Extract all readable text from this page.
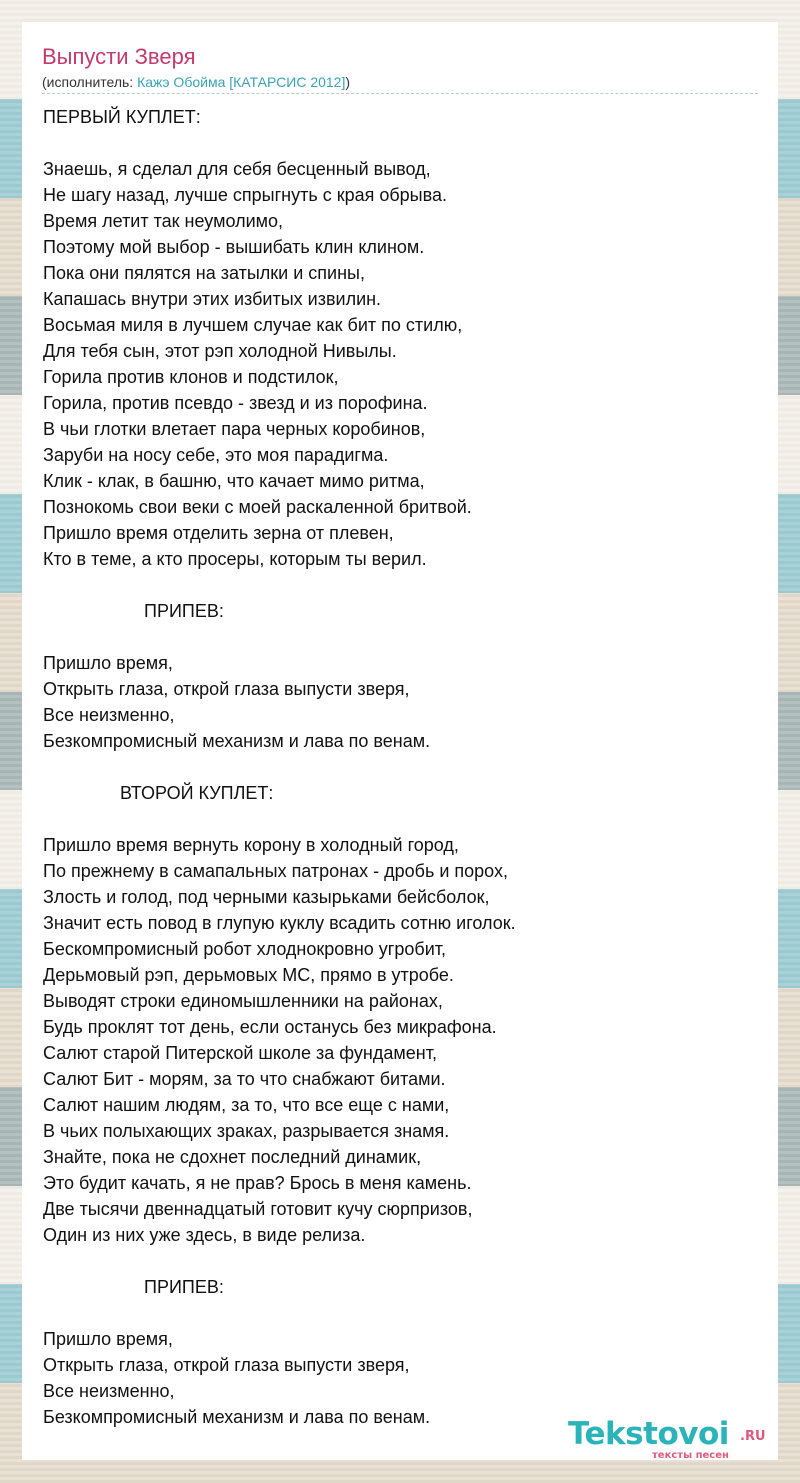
Выпусти Зверя
(исполнитель: Кажэ Обойма [КАТАРСИС 2012])
ПЕРВЫЙ КУПЛЕТ:
Знаешь, я сделал для себя бесценный вывод,
Не шагу назад, лучше спрыгнуть с края обрыва.
Время летит так неумолимо,
Поэтому мой выбор - вышибать клин клином.
Пока они пялятся на затылки и спины,
Капашась внутри этих избитых извилин.
Восьмая миля в лучшем случае как бит по стилю,
Для тебя сын, этот рэп холодной Нивылы.
Горила против клонов и подстилок,
Горила, против псевдо - звезд и из порофина.
В чьи глотки влетает пара черных коробинов,
Заруби на носу себе, это моя парадигма.
Клик - клак, в башню, что качает мимо ритма,
Познокомь свои веки с моей раскаленной бритвой.
Пришло время отделить зерна от плевен,
Кто в теме, а кто просеры, которым ты верил.
ПРИПЕВ:
Пришло время,
Открыть глаза, открой глаза выпусти зверя,
Все неизменно,
Безкомпромисный механизм и лава по венам.
ВТОРОЙ КУПЛЕТ:
Пришло время вернуть корону в холодный город,
По прежнему в самапальных патронах - дробь и порох,
Злость и голод, под черными казырьками бейсболок,
Значит есть повод в глупую куклу всадить сотню иголок.
Бескомпромисный робот хлоднокровно угробит,
Дерьмовый рэп, дерьмовых МС, прямо в утробе.
Выводят строки единомышленники на районах,
Будь проклят тот день, если останусь без микрафона.
Салют старой Питерской школе за фундамент,
Салют Бит - морям, за то что снабжают битами.
Салют нашим людям, за то, что все еще с нами,
В чьих полыхающих зраках, разрывается знамя.
Знайте, пока не сдохнет последний динамик,
Это будит качать, я не прав? Брось в меня камень.
Две тысячи двеннадцатый готовит кучу сюрпризов,
Один из них уже здесь, в виде релиза.
ПРИПЕВ:
Пришло время,
Открыть глаза, открой глаза выпусти зверя,
Все неизменно,
Безкомпромисный механизм и лава по венам.	Tekstovoi .RU
тексты песен
